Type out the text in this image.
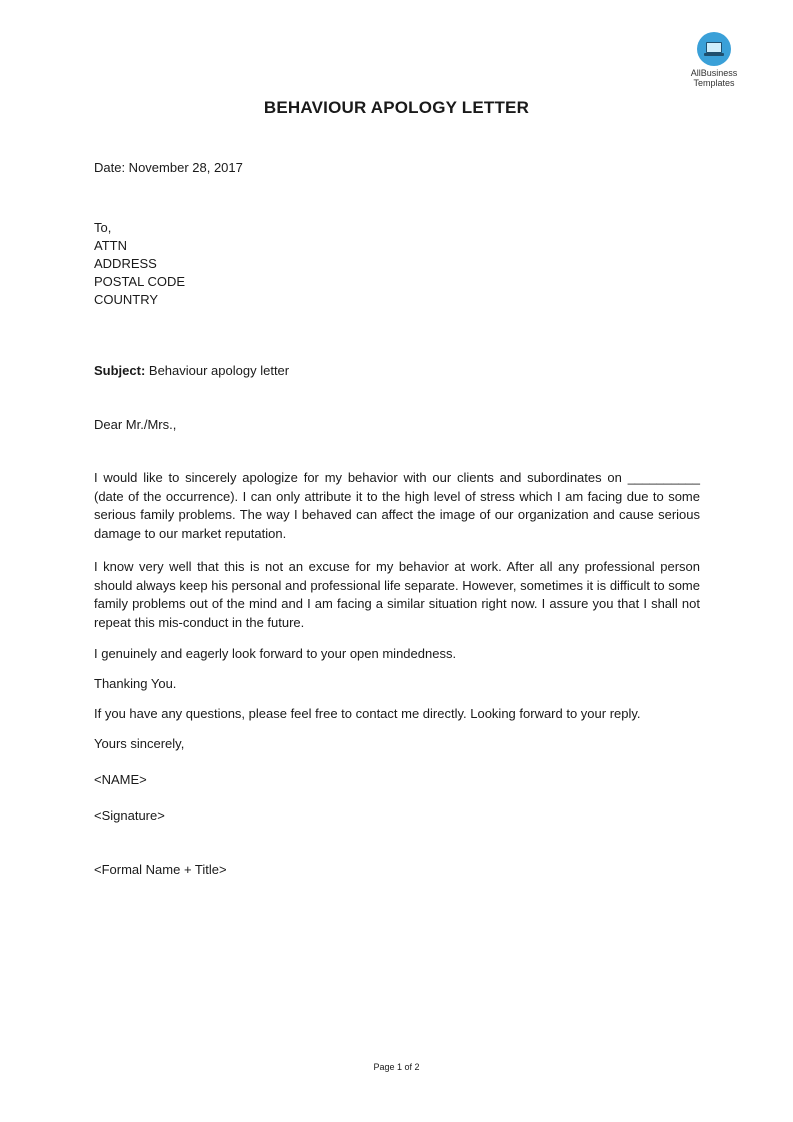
AllBusiness
Templates
BEHAVIOUR APOLOGY LETTER
Date: November 28, 2017
To,
ATTN
ADDRESS
POSTAL CODE
COUNTRY
Subject: Behaviour apology letter
Dear Mr./Mrs.,
I would like to sincerely apologize for my behavior with our clients and subordinates on __________ (date of the occurrence). I can only attribute it to the high level of stress which I am facing due to some serious family problems. The way I behaved can affect the image of our organization and cause serious damage to our market reputation.
I know very well that this is not an excuse for my behavior at work. After all any professional person should always keep his personal and professional life separate. However, sometimes it is difficult to some family problems out of the mind and I am facing a similar situation right now. I assure you that I shall not repeat this mis-conduct in the future.
I genuinely and eagerly look forward to your open mindedness.
Thanking You.
If you have any questions, please feel free to contact me directly. Looking forward to your reply.
Yours sincerely,
<NAME>
<Signature>
<Formal Name + Title>
Page 1 of 2
